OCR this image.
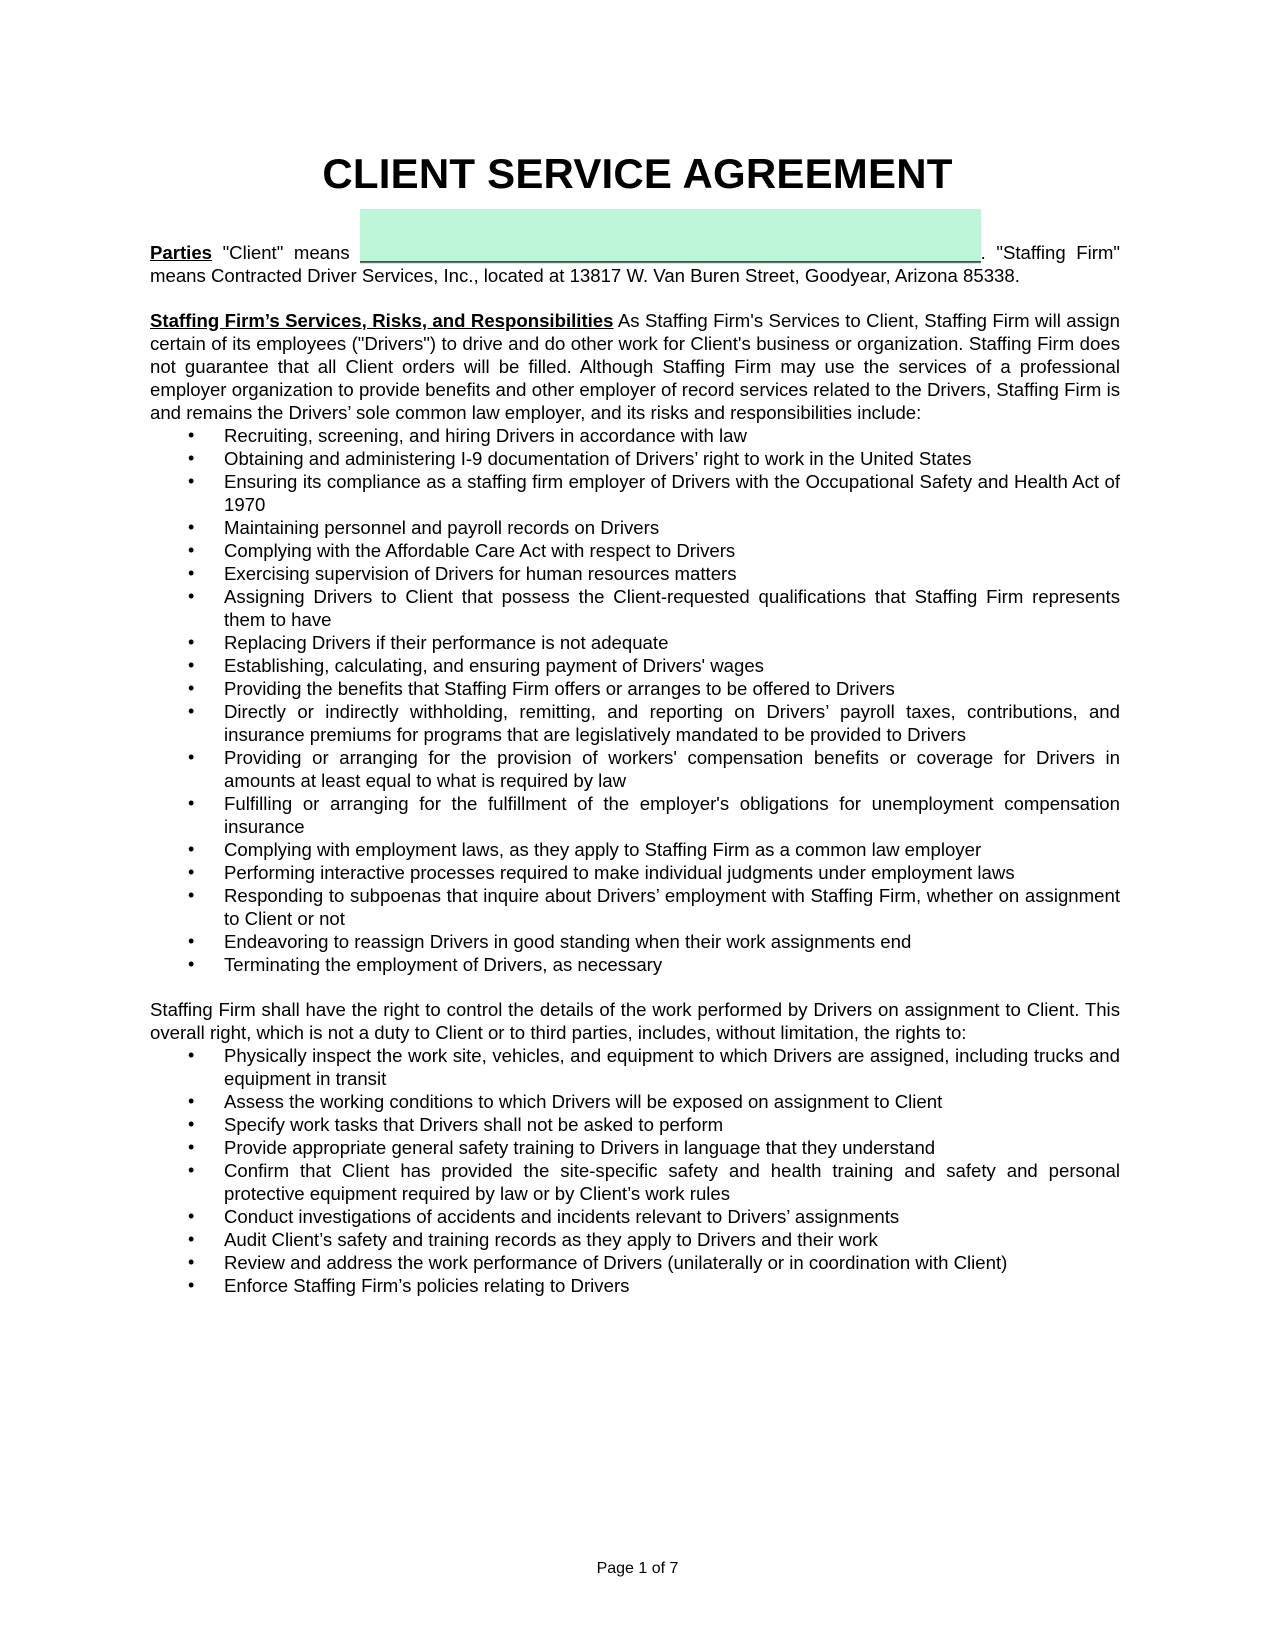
CLIENT SERVICE AGREEMENT

Parties "Client" means
____________________________________________________________. "Staffing Firm" means Contracted Driver Services, Inc., located at 13817 W. Van Buren Street, Goodyear, Arizona 85338.

Staffing Firm’s Services, Risks, and Responsibilities As Staffing Firm's Services to Client, Staffing Firm will assign certain of its employees ("Drivers") to drive and do other work for Client's business or organization. Staffing Firm does not guarantee that all Client orders will be filled. Although Staffing Firm may use the services of a professional employer organization to provide benefits and other employer of record services related to the Drivers, Staffing Firm is and remains the Drivers’ sole common law employer, and its risks and responsibilities include:

• Recruiting, screening, and hiring Drivers in accordance with law
• Obtaining and administering I-9 documentation of Drivers’ right to work in the United States
• Ensuring its compliance as a staffing firm employer of Drivers with the Occupational Safety and Health Act of 1970
• Maintaining personnel and payroll records on Drivers
• Complying with the Affordable Care Act with respect to Drivers
• Exercising supervision of Drivers for human resources matters
• Assigning Drivers to Client that possess the Client-requested qualifications that Staffing Firm represents them to have
• Replacing Drivers if their performance is not adequate
• Establishing, calculating, and ensuring payment of Drivers' wages
• Providing the benefits that Staffing Firm offers or arranges to be offered to Drivers
• Directly or indirectly withholding, remitting, and reporting on Drivers’ payroll taxes, contributions, and insurance premiums for programs that are legislatively mandated to be provided to Drivers
• Providing or arranging for the provision of workers' compensation benefits or coverage for Drivers in amounts at least equal to what is required by law
• Fulfilling or arranging for the fulfillment of the employer's obligations for unemployment compensation insurance
• Complying with employment laws, as they apply to Staffing Firm as a common law employer
• Performing interactive processes required to make individual judgments under employment laws
• Responding to subpoenas that inquire about Drivers’ employment with Staffing Firm, whether on assignment to Client or not
• Endeavoring to reassign Drivers in good standing when their work assignments end
• Terminating the employment of Drivers, as necessary

Staffing Firm shall have the right to control the details of the work performed by Drivers on assignment to Client. This overall right, which is not a duty to Client or to third parties, includes, without limitation, the rights to:

• Physically inspect the work site, vehicles, and equipment to which Drivers are assigned, including trucks and equipment in transit
• Assess the working conditions to which Drivers will be exposed on assignment to Client
• Specify work tasks that Drivers shall not be asked to perform
• Provide appropriate general safety training to Drivers in language that they understand
• Confirm that Client has provided the site-specific safety and health training and safety and personal protective equipment required by law or by Client’s work rules
• Conduct investigations of accidents and incidents relevant to Drivers’ assignments
• Audit Client’s safety and training records as they apply to Drivers and their work
• Review and address the work performance of Drivers (unilaterally or in coordination with Client)
• Enforce Staffing Firm’s policies relating to Drivers
Page 1 of 7
